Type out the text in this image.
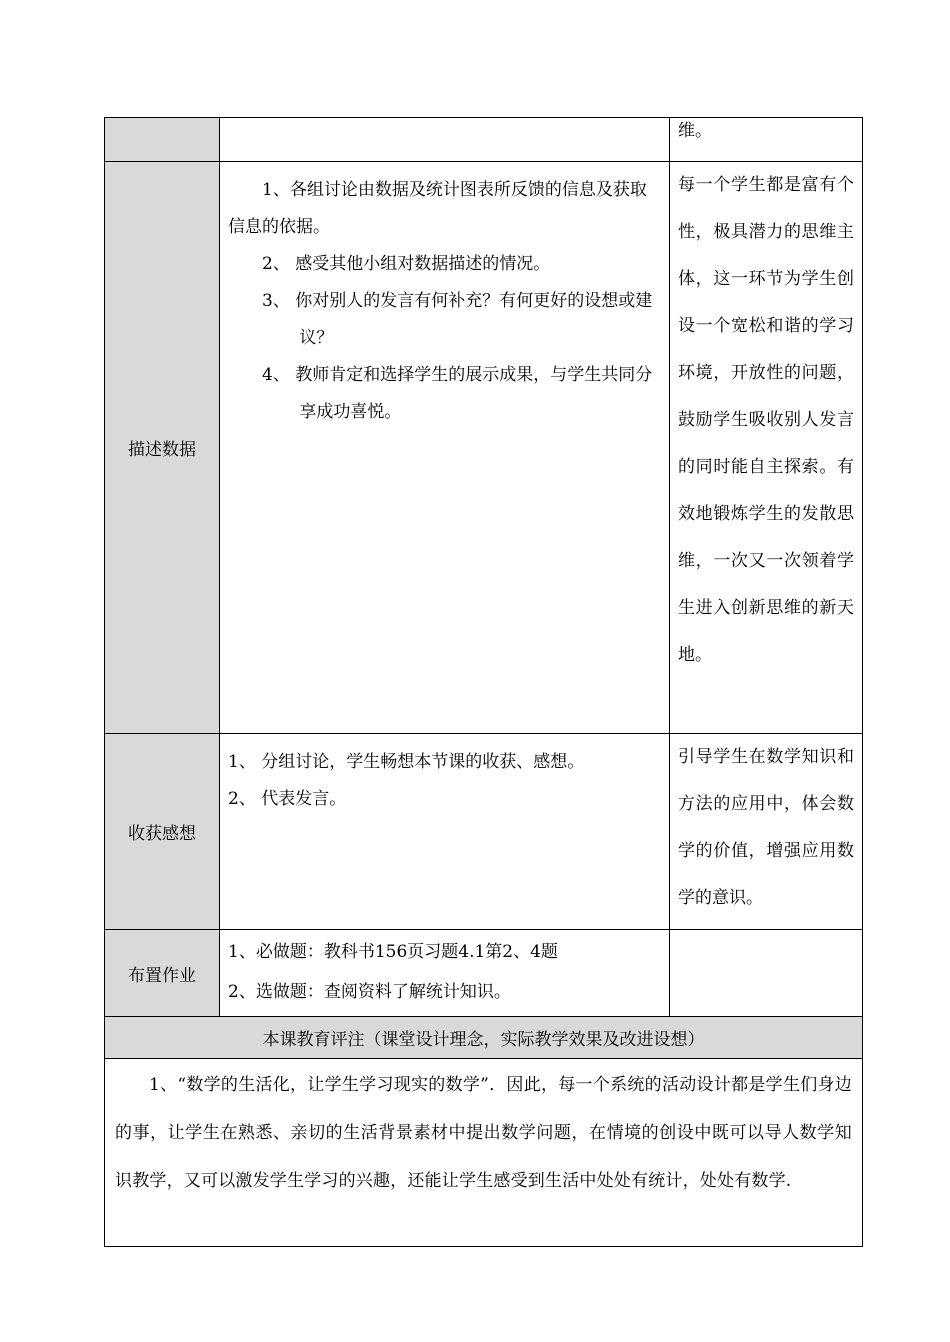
		维。

描述数据	1、各组讨论由数据及统计图表所反馈的信息及获取信息的依据。
2、 感受其他小组对数据描述的情况。
3、 你对别人的发言有何补充？有何更好的设想或建议？
4、 教师肯定和选择学生的展示成果，与学生共同分享成功喜悦。	每一个学生都是富有个性，极具潜力的思维主体，这一环节为学生创设一个宽松和谐的学习环境，开放性的问题，鼓励学生吸收别人发言的同时能自主探索。有效地锻炼学生的发散思维，一次又一次领着学生进入创新思维的新天地。

收获感想	1、 分组讨论，学生畅想本节课的收获、感想。
2、 代表发言。	引导学生在数学知识和方法的应用中，体会数学的价值，增强应用数学的意识。

布置作业	1、必做题：教科书156页习题4.1第2、4题
2、选做题：查阅资料了解统计知识。	

本课教育评注（课堂设计理念，实际教学效果及改进设想）		

1、“数学的生活化，让学生学习现实的数学”．因此，每一个系统的活动设计都是学生们身边的事，让学生在熟悉、亲切的生活背景素材中提出数学问题，在情境的创设中既可以导人数学知识教学，又可以激发学生学习的兴趣，还能让学生感受到生活中处处有统计，处处有数学.		
